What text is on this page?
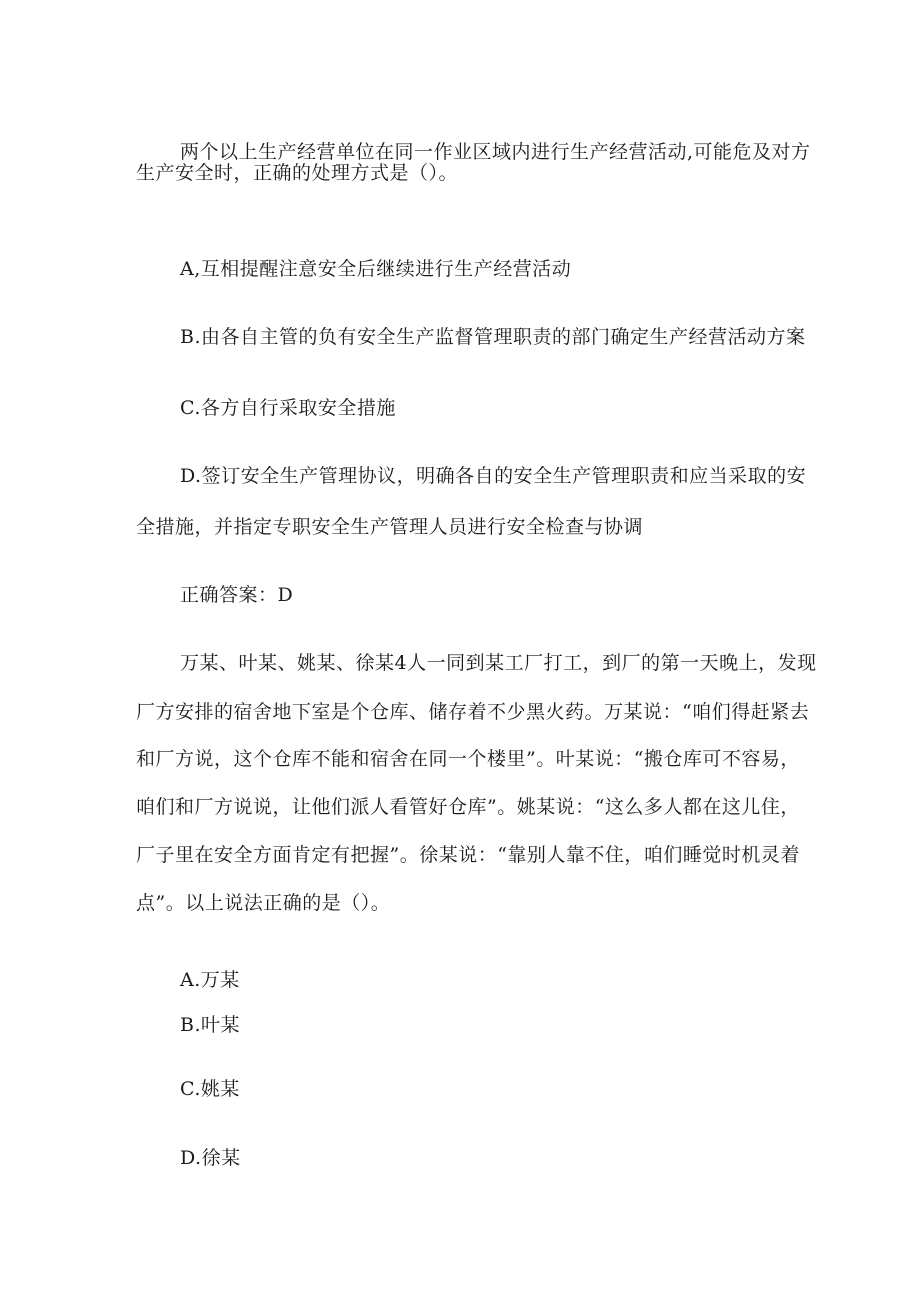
两个以上生产经营单位在同一作业区域内进行生产经营活动,可能危及对方
生产安全时，正确的处理方式是（）。
A,互相提醒注意安全后继续进行生产经营活动
B.由各自主管的负有安全生产监督管理职责的部门确定生产经营活动方案
C.各方自行采取安全措施
D.签订安全生产管理协议，明确各自的安全生产管理职责和应当采取的安
全措施，并指定专职安全生产管理人员进行安全检查与协调
正确答案：D
万某、叶某、姚某、徐某4人一同到某工厂打工，到厂的第一天晚上，发现
厂方安排的宿舍地下室是个仓库、储存着不少黑火药。万某说：“咱们得赶紧去
和厂方说，这个仓库不能和宿舍在同一个楼里”。叶某说：“搬仓库可不容易，
咱们和厂方说说，让他们派人看管好仓库”。姚某说：“这么多人都在这儿住，
厂子里在安全方面肯定有把握”。徐某说：“靠别人靠不住，咱们睡觉时机灵着
点”。以上说法正确的是（）。
A.万某
B.叶某
C.姚某
D.徐某
